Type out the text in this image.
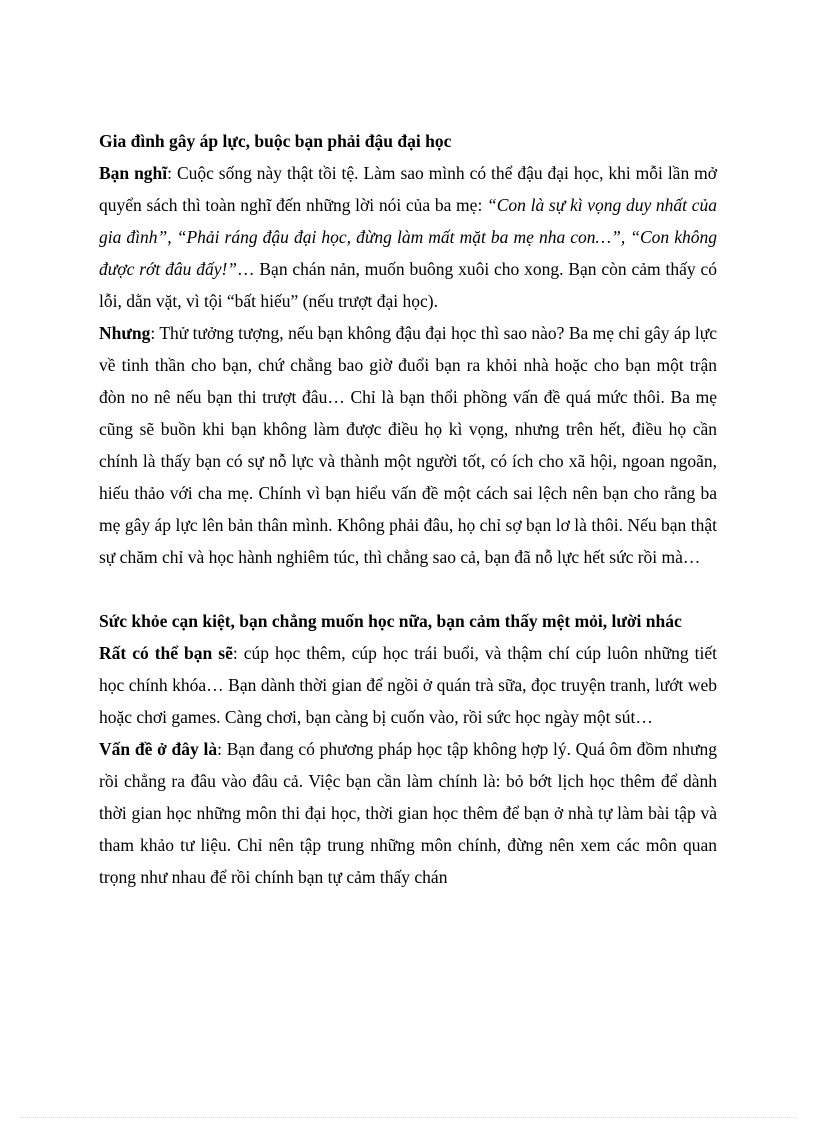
Gia đình gây áp lực, buộc bạn phải đậu đại học

Bạn nghĩ: Cuộc sống này thật tồi tệ. Làm sao mình có thể đậu đại học, khi mỗi lần mở quyển sách thì toàn nghĩ đến những lời nói của ba mẹ: “Con là sự kì vọng duy nhất của gia đình”, “Phải ráng đậu đại học, đừng làm mất mặt ba mẹ nha con…”, “Con không được rớt đâu đấy!”… Bạn chán nản, muốn buông xuôi cho xong. Bạn còn cảm thấy có lỗi, dằn vặt, vì tội “bất hiếu” (nếu trượt đại học).

Nhưng: Thử tưởng tượng, nếu bạn không đậu đại học thì sao nào? Ba mẹ chỉ gây áp lực về tinh thần cho bạn, chứ chẳng bao giờ đuổi bạn ra khỏi nhà hoặc cho bạn một trận đòn no nê nếu bạn thi trượt đâu… Chỉ là bạn thổi phồng vấn đề quá mức thôi. Ba mẹ cũng sẽ buồn khi bạn không làm được điều họ kì vọng, nhưng trên hết, điều họ cần chính là thấy bạn có sự nỗ lực và thành một người tốt, có ích cho xã hội, ngoan ngoãn, hiếu thảo với cha mẹ. Chính vì bạn hiểu vấn đề một cách sai lệch nên bạn cho rằng ba mẹ gây áp lực lên bản thân mình. Không phải đâu, họ chỉ sợ bạn lơ là thôi. Nếu bạn thật sự chăm chỉ và học hành nghiêm túc, thì chẳng sao cả, bạn đã nỗ lực hết sức rồi mà…

Sức khỏe cạn kiệt, bạn chẳng muốn học nữa, bạn cảm thấy mệt mỏi, lười nhác

Rất có thể bạn sẽ: cúp học thêm, cúp học trái buổi, và thậm chí cúp luôn những tiết học chính khóa… Bạn dành thời gian để ngồi ở quán trà sữa, đọc truyện tranh, lướt web hoặc chơi games. Càng chơi, bạn càng bị cuốn vào, rồi sức học ngày một sút…

Vấn đề ở đây là: Bạn đang có phương pháp học tập không hợp lý. Quá ôm đồm nhưng rồi chẳng ra đâu vào đâu cả. Việc bạn cần làm chính là: bỏ bớt lịch học thêm để dành thời gian học những môn thi đại học, thời gian học thêm để bạn ở nhà tự làm bài tập và tham khảo tư liệu. Chỉ nên tập trung những môn chính, đừng nên xem các môn quan trọng như nhau để rồi chính bạn tự cảm thấy chán
